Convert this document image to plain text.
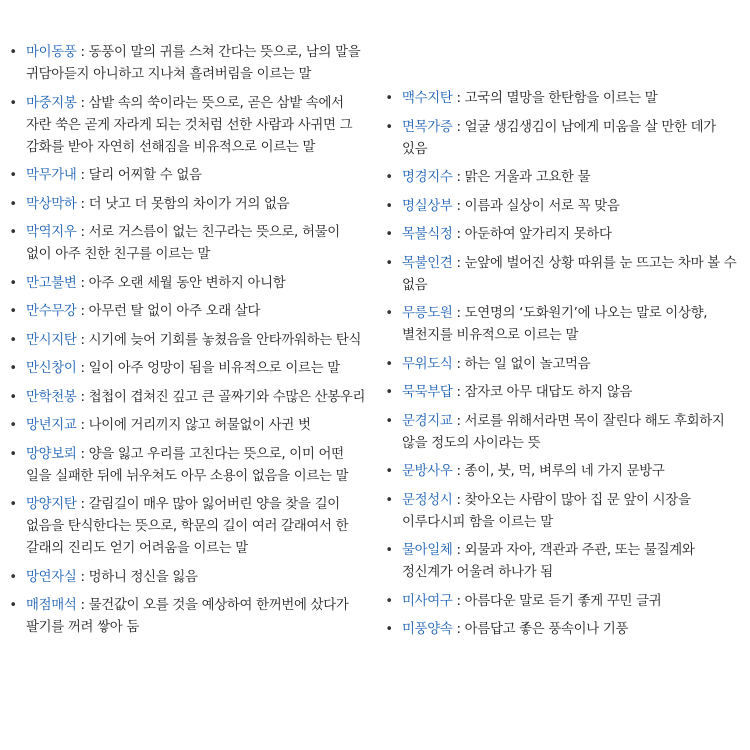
• 마이동풍 : 동풍이 말의 귀를 스쳐 간다는 뜻으로, 남의 말을 귀담아듣지 아니하고 지나쳐 흘려버림을 이르는 말
• 마중지봉 : 삼밭 속의 쑥이라는 뜻으로, 곧은 삼밭 속에서 자란 쑥은 곧게 자라게 되는 것처럼 선한 사람과 사귀면 그 감화를 받아 자연히 선해짐을 비유적으로 이르는 말
• 막무가내 : 달리 어찌할 수 없음
• 막상막하 : 더 낫고 더 못함의 차이가 거의 없음
• 막역지우 : 서로 거스름이 없는 친구라는 뜻으로, 허물이 없이 아주 친한 친구를 이르는 말
• 만고불변 : 아주 오랜 세월 동안 변하지 아니함
• 만수무강 : 아무런 탈 없이 아주 오래 살다
• 만시지탄 : 시기에 늦어 기회를 놓쳤음을 안타까워하는 탄식
• 만신창이 : 일이 아주 엉망이 됨을 비유적으로 이르는 말
• 만학천봉 : 첩첩이 겹쳐진 깊고 큰 골짜기와 수많은 산봉우리
• 망년지교 : 나이에 거리끼지 않고 허물없이 사귄 벗
• 망양보뢰 : 양을 잃고 우리를 고친다는 뜻으로, 이미 어떤 일을 실패한 뒤에 뉘우쳐도 아무 소용이 없음을 이르는 말
• 망양지탄 : 갈림길이 매우 많아 잃어버린 양을 찾을 길이 없음을 탄식한다는 뜻으로, 학문의 길이 여러 갈래여서 한 갈래의 진리도 얻기 어려움을 이르는 말
• 망연자실 : 멍하니 정신을 잃음
• 매점매석 : 물건값이 오를 것을 예상하여 한꺼번에 샀다가 팔기를 꺼려 쌓아 둠
• 맥수지탄 : 고국의 멸망을 한탄함을 이르는 말
• 면목가증 : 얼굴 생김생김이 남에게 미움을 살 만한 데가 있음
• 명경지수 : 맑은 거울과 고요한 물
• 명실상부 : 이름과 실상이 서로 꼭 맞음
• 목불식정 : 아둔하여 앞가리지 못하다
• 목불인견 : 눈앞에 벌어진 상황 따위를 눈 뜨고는 차마 볼 수 없음
• 무릉도원 : 도연명의 ‘도화원기’에 나오는 말로 이상향, 별천지를 비유적으로 이르는 말
• 무위도식 : 하는 일 없이 놀고먹음
• 묵묵부답 : 잠자코 아무 대답도 하지 않음
• 문경지교 : 서로를 위해서라면 목이 잘린다 해도 후회하지 않을 정도의 사이라는 뜻
• 문방사우 : 종이, 붓, 먹, 벼루의 네 가지 문방구
• 문정성시 : 찾아오는 사람이 많아 집 문 앞이 시장을 이루다시피 함을 이르는 말
• 물아일체 : 외물과 자아, 객관과 주관, 또는 물질계와 정신계가 어울려 하나가 됨
• 미사여구 : 아름다운 말로 듣기 좋게 꾸민 글귀
• 미풍양속 : 아름답고 좋은 풍속이나 기풍
